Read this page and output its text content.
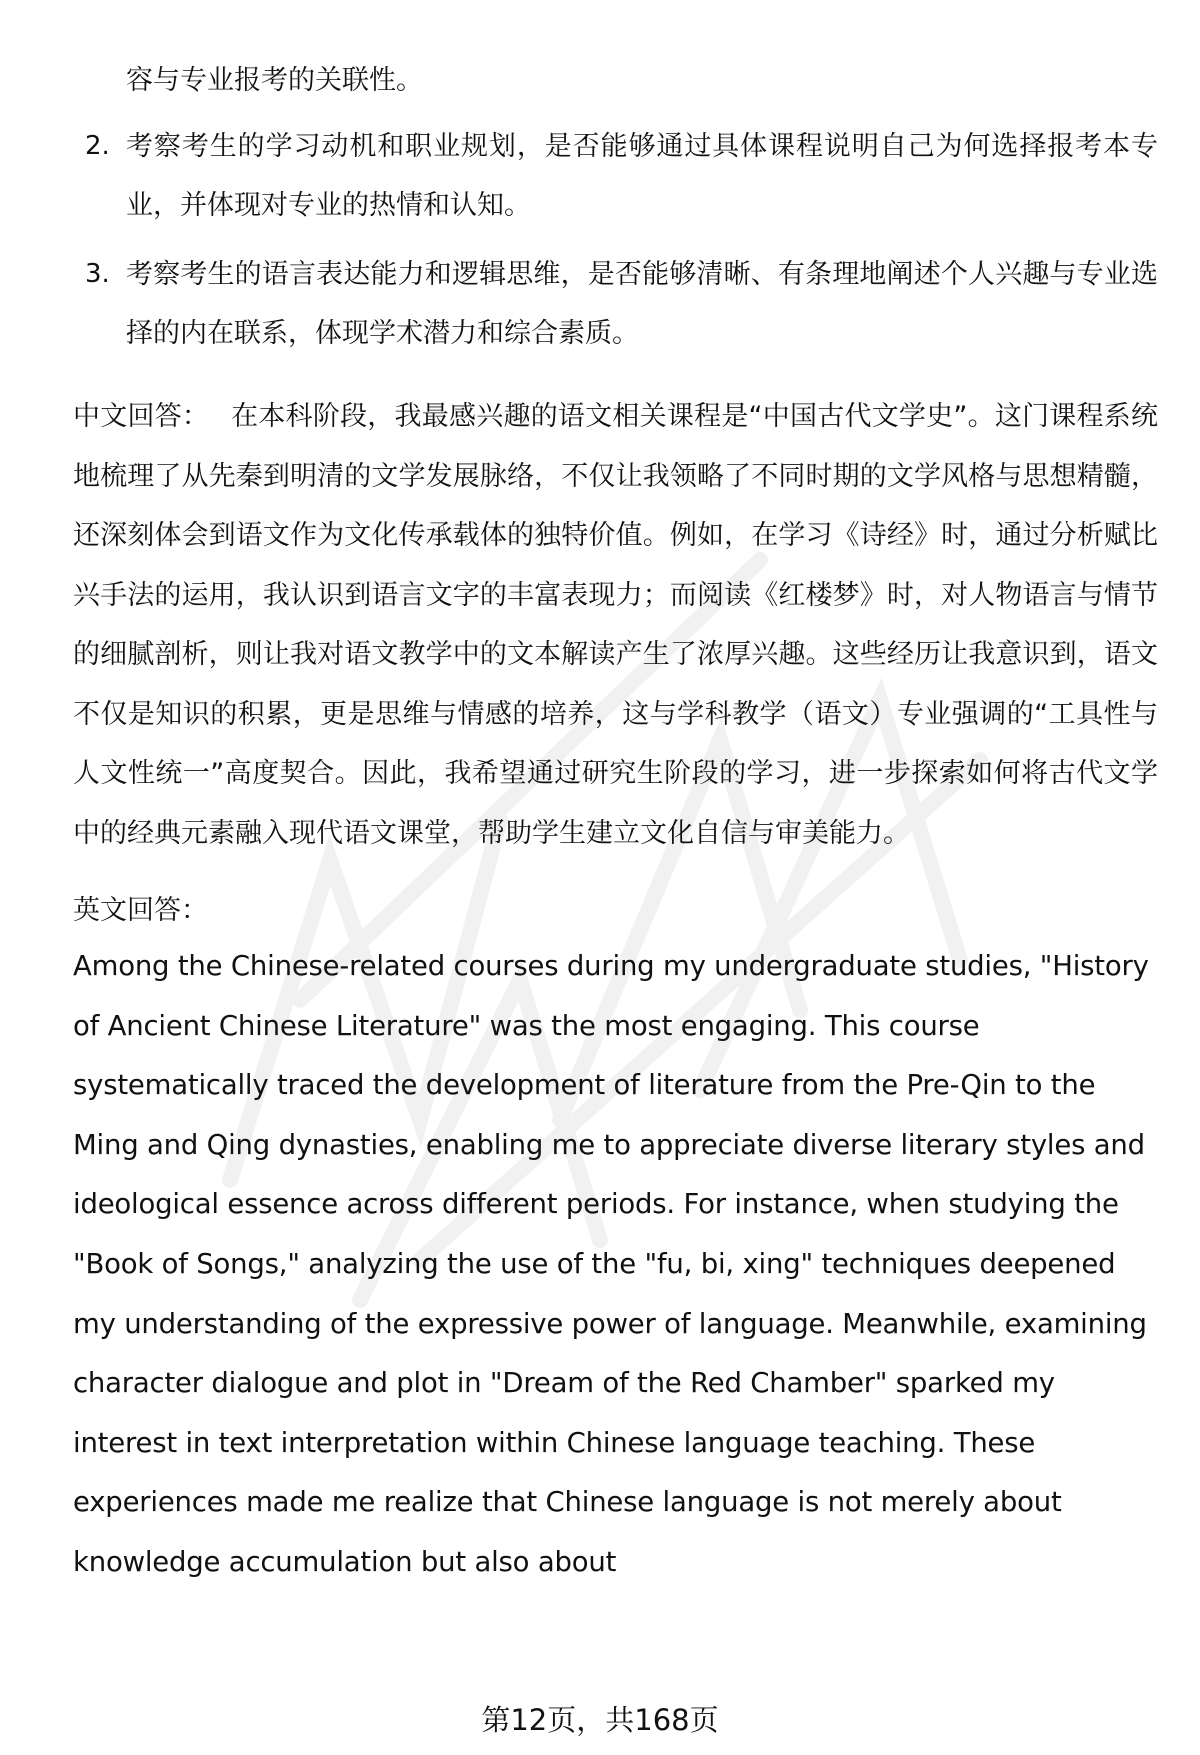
容与专业报考的关联性。

2. 考察考生的学习动机和职业规划，是否能够通过具体课程说明自己为何选择报考本专业，并体现对专业的热情和认知。
3. 考察考生的语言表达能力和逻辑思维，是否能够清晰、有条理地阐述个人兴趣与专业选择的内在联系，体现学术潜力和综合素质。

中文回答： 在本科阶段，我最感兴趣的语文相关课程是“中国古代文学史”。这门课程系统地梳理了从先秦到明清的文学发展脉络，不仅让我领略了不同时期的文学风格与思想精髓，还深刻体会到语文作为文化传承载体的独特价值。例如，在学习《诗经》时，通过分析赋比兴手法的运用，我认识到语言文字的丰富表现力；而阅读《红楼梦》时，对人物语言与情节的细腻剖析，则让我对语文教学中的文本解读产生了浓厚兴趣。这些经历让我意识到，语文不仅是知识的积累，更是思维与情感的培养，这与学科教学（语文）专业强调的“工具性与人文性统一”高度契合。因此，我希望通过研究生阶段的学习，进一步探索如何将古代文学中的经典元素融入现代语文课堂，帮助学生建立文化自信与审美能力。

英文回答：

Among the Chinese-related courses during my undergraduate studies, "History of Ancient Chinese Literature" was the most engaging. This course systematically traced the development of literature from the Pre-Qin to the Ming and Qing dynasties, enabling me to appreciate diverse literary styles and ideological essence across different periods. For instance, when studying the "Book of Songs," analyzing the use of the "fu, bi, xing" techniques deepened my understanding of the expressive power of language. Meanwhile, examining character dialogue and plot in "Dream of the Red Chamber" sparked my interest in text interpretation within Chinese language teaching. These experiences made me realize that Chinese language is not merely about knowledge accumulation but also about

第12页，共168页
